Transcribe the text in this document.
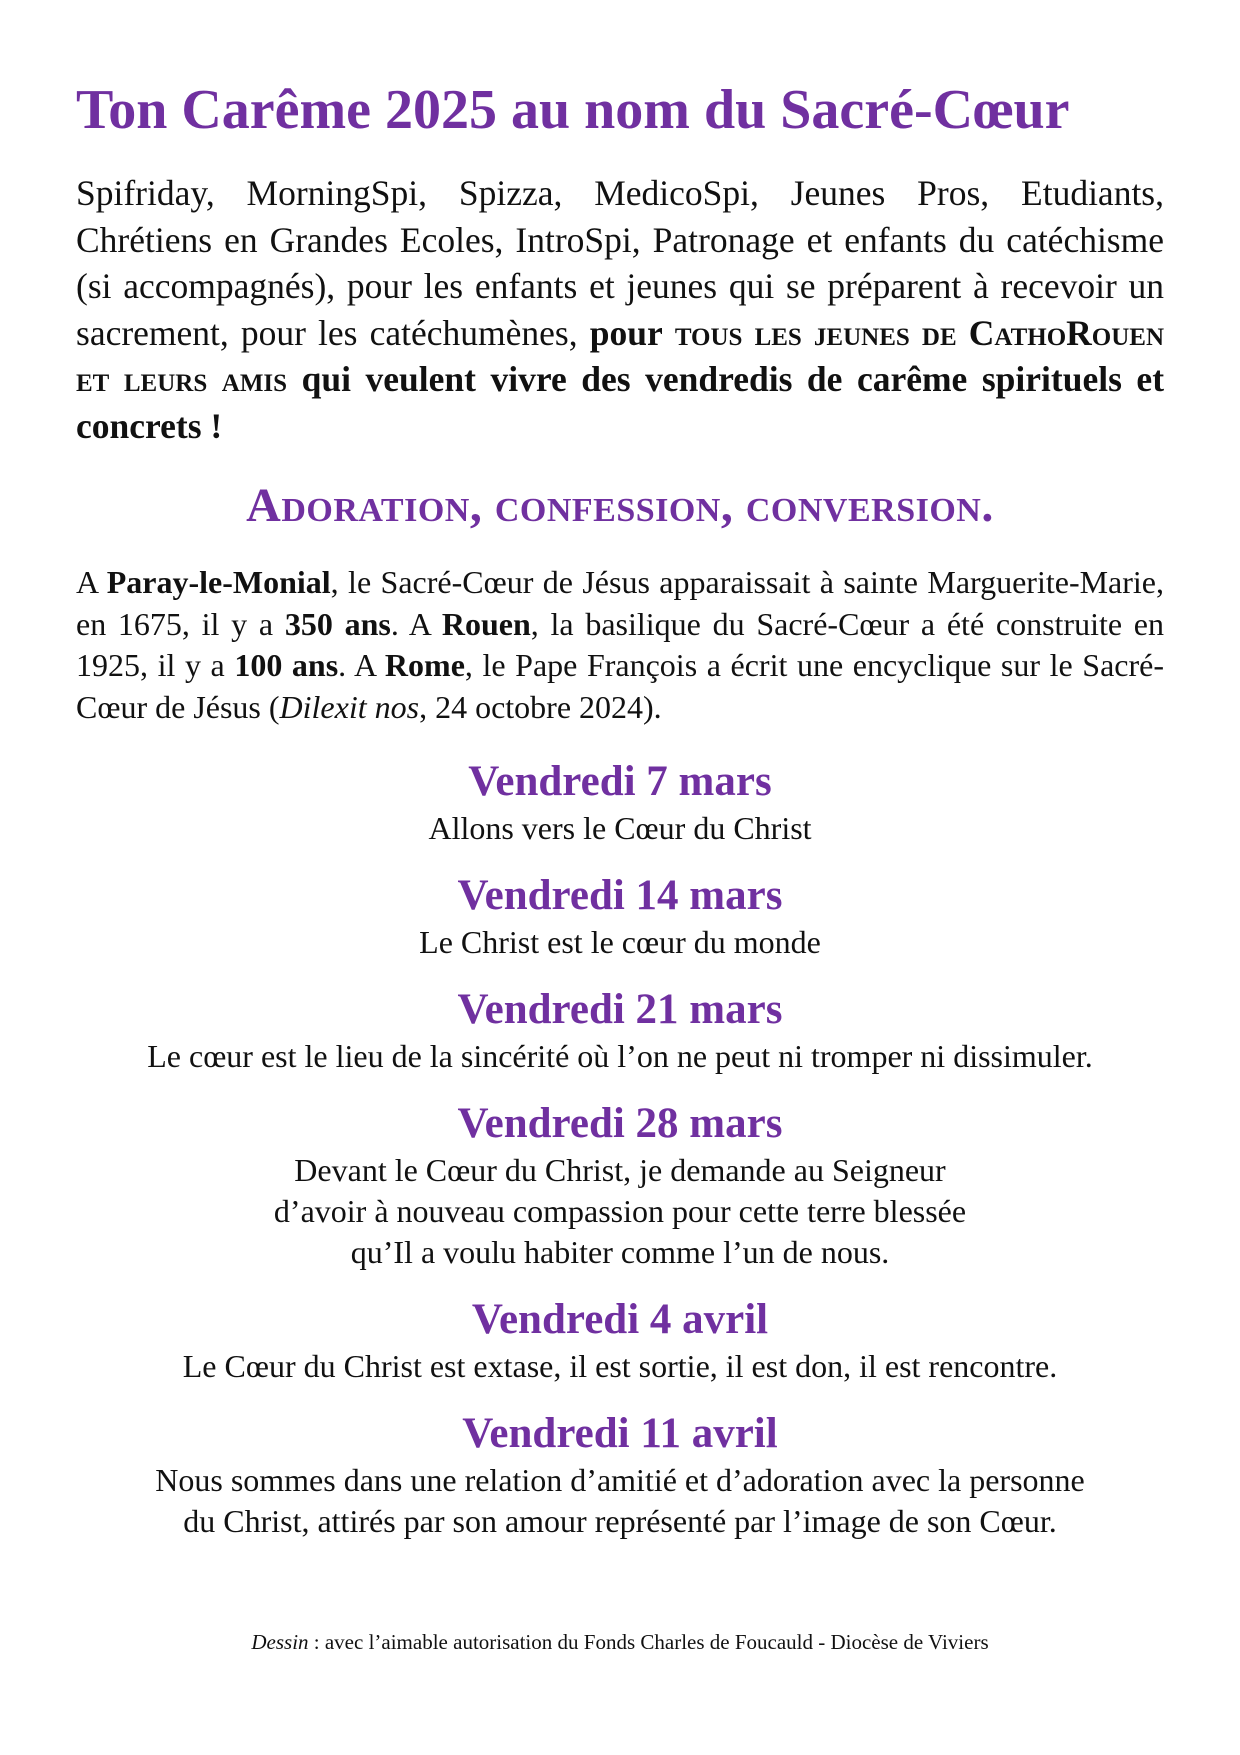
Ton Carême 2025 au nom du Sacré-Cœur

Spifriday, MorningSpi, Spizza, MedicoSpi, Jeunes Pros, Etudiants, Chrétiens en Grandes Ecoles, IntroSpi, Patronage et enfants du catéchisme (si accompagnés), pour les enfants et jeunes qui se préparent à recevoir un sacrement, pour les catéchumènes, pour tous les jeunes de CathoRouen et leurs amis qui veulent vivre des vendredis de carême spirituels et concrets !

Adoration, confession, conversion.

A Paray-le-Monial, le Sacré-Cœur de Jésus apparaissait à sainte Marguerite-Marie, en 1675, il y a 350 ans. A Rouen, la basilique du Sacré-Cœur a été construite en 1925, il y a 100 ans. A Rome, le Pape François a écrit une encyclique sur le Sacré-Cœur de Jésus (Dilexit nos, 24 octobre 2024).

Vendredi 7 mars
Allons vers le Cœur du Christ
Vendredi 14 mars
Le Christ est le cœur du monde
Vendredi 21 mars
Le cœur est le lieu de la sincérité où l’on ne peut ni tromper ni dissimuler.
Vendredi 28 mars
Devant le Cœur du Christ, je demande au Seigneur
d’avoir à nouveau compassion pour cette terre blessée
qu’Il a voulu habiter comme l’un de nous.
Vendredi 4 avril
Le Cœur du Christ est extase, il est sortie, il est don, il est rencontre.
Vendredi 11 avril
Nous sommes dans une relation d’amitié et d’adoration avec la personne
du Christ, attirés par son amour représenté par l’image de son Cœur.
Dessin : avec l’aimable autorisation du Fonds Charles de Foucauld - Diocèse de Viviers
